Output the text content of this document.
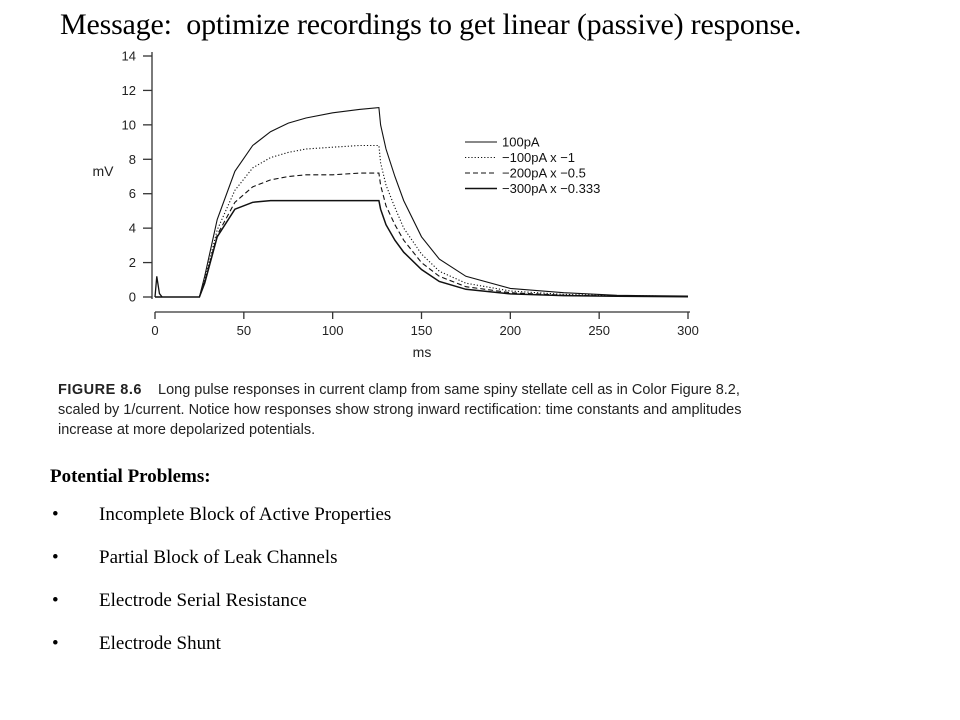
Message:  optimize recordings to get linear (passive) response.
0
2
4
6
8
10
12
14
mV
0	50	100	150	200	250	300
ms
100pA
−100pA x −1
−200pA x −0.5
−300pA x −0.333
FIGURE 8.6 Long pulse responses in current clamp from same spiny stellate cell as in Color Figure 8.2, scaled by 1/current. Notice how responses show strong inward rectification: time constants and amplitudes increase at more depolarized potentials.
Potential Problems:
• Incomplete Block of Active Properties
• Partial Block of Leak Channels
• Electrode Serial Resistance
• Electrode Shunt
